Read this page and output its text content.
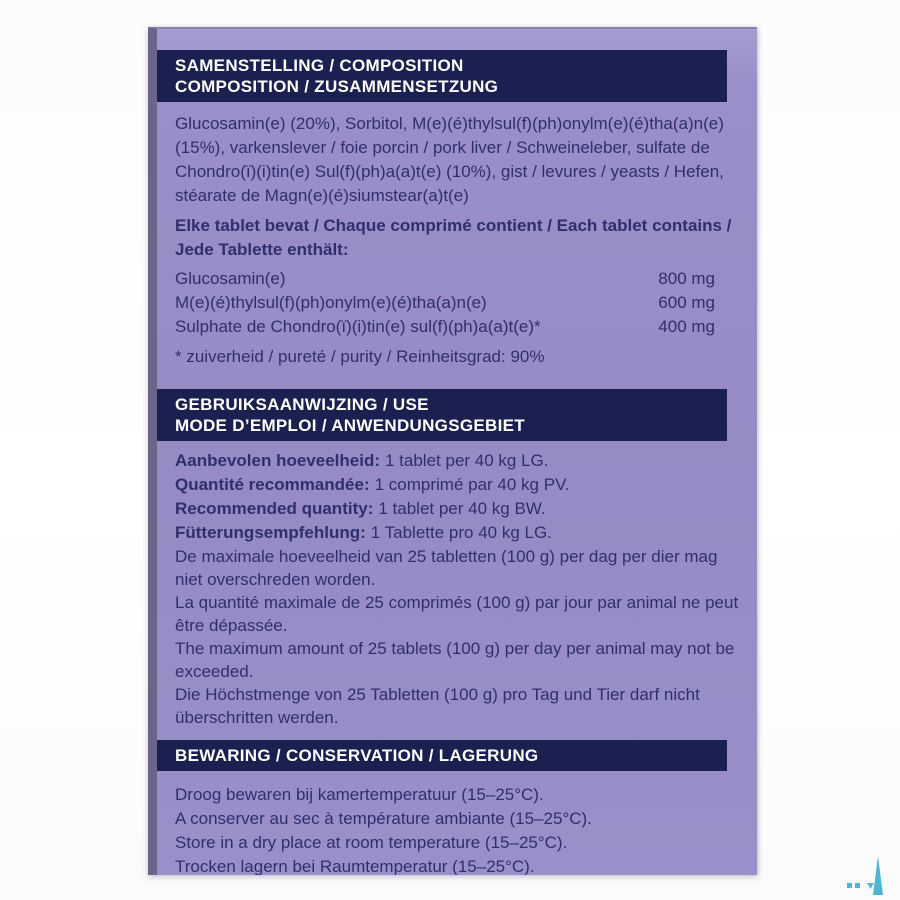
SAMENSTELLING / COMPOSITION
COMPOSITION / ZUSAMMENSETZUNG
Glucosamin(e) (20%), Sorbitol, M(e)(é)thylsul(f)(ph)onylm(e)(é)tha(a)n(e) (15%), varkenslever / foie porcin / pork liver / Schweineleber, sulfate de Chondro(ï)(i)tin(e) Sul(f)(ph)a(a)t(e) (10%), gist / levures / yeasts / Hefen, stéarate de Magn(e)(é)siumstear(a)t(e)
Elke tablet bevat / Chaque comprimé contient / Each tablet contains / Jede Tablette enthält:
Glucosamin(e)	800 mg
M(e)(é)thylsul(f)(ph)onylm(e)(é)tha(a)n(e)	600 mg
Sulphate de Chondro(ï)(i)tin(e) sul(f)(ph)a(a)t(e)*	400 mg
* zuiverheid / pureté / purity / Reinheitsgrad: 90%
GEBRUIKSAANWIJZING / USE
MODE D’EMPLOI / ANWENDUNGSGEBIET
Aanbevolen hoeveelheid: 1 tablet per 40 kg LG.
Quantité recommandée: 1 comprimé par 40 kg PV.
Recommended quantity: 1 tablet per 40 kg BW.
Fütterungsempfehlung: 1 Tablette pro 40 kg LG.
De maximale hoeveelheid van 25 tabletten (100 g) per dag per dier mag niet overschreden worden.
La quantité maximale de 25 comprimés (100 g) par jour par animal ne peut être dépassée.
The maximum amount of 25 tablets (100 g) per day per animal may not be exceeded.
Die Höchstmenge von 25 Tabletten (100 g) pro Tag und Tier darf nicht überschritten werden.
BEWARING / CONSERVATION / LAGERUNG
Droog bewaren bij kamertemperatuur (15–25°C).
A conserver au sec à température ambiante (15–25°C).
Store in a dry place at room temperature (15–25°C).
Trocken lagern bei Raumtemperatur (15–25°C).
